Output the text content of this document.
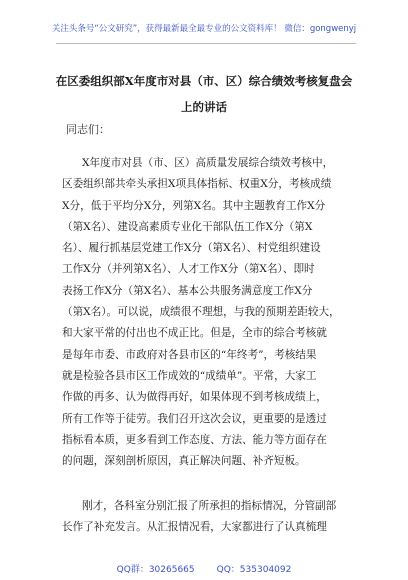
关注头条号“公文研究”，获得最新最全最专业的公文资料库！ 微信：gongwenyj
在区委组织部X年度市对县（市、区）综合绩效考核复盘会
上的讲话
同志们：
X年度市对县（市、区）高质量发展综合绩效考核中，
区委组织部共牵头承担X项具体指标、权重X分，考核成绩
X分，低于平均分X分，列第X名。其中主题教育工作X分
（第X名）、建设高素质专业化干部队伍工作X分（第X
名）、履行抓基层党建工作X分（第X名）、村党组织建设
工作X分（并列第X名）、人才工作X分（第X名）、即时
表扬工作X分（第X名）、基本公共服务满意度工作X分
（第X名）。可以说，成绩很不理想，与我的预期差距较大，
和大家平常的付出也不成正比。但是，全市的综合考核就
是每年市委、市政府对各县市区的“年终考”，考核结果
就是检验各县市区工作成效的“成绩单”。平常，大家工
作做的再多、认为做得再好，如果体现不到考核成绩上，
所有工作等于徒劳。我们召开这次会议，更重要的是透过
指标看本质，更多看到工作态度、方法、能力等方面存在
的问题，深刻剖析原因，真正解决问题、补齐短板。
刚才，各科室分别汇报了所承担的指标情况，分管副部
长作了补充发言。从汇报情况看，大家都进行了认真梳理
QQ群：30265665 QQ：535304092
